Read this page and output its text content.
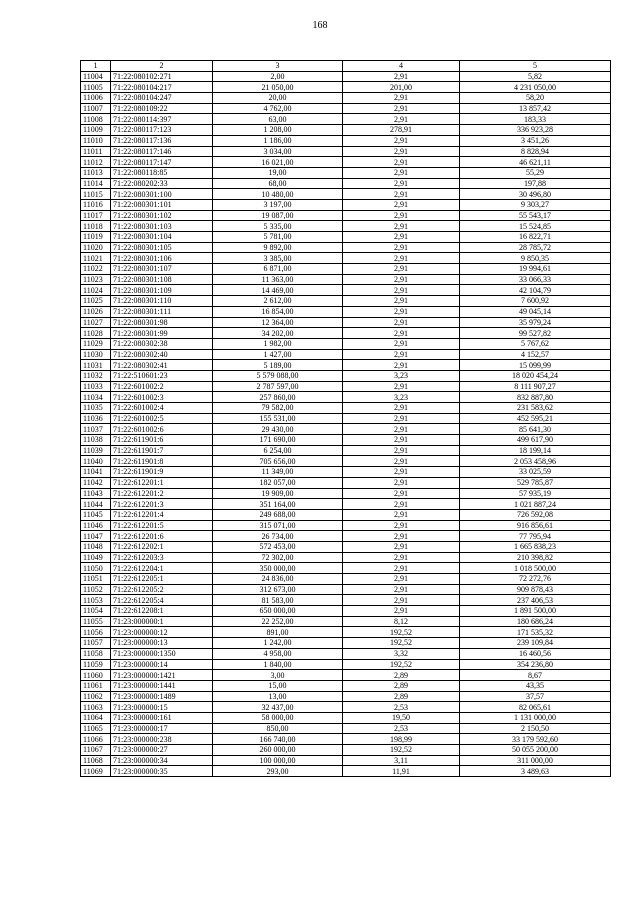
168
1	2	3	4	5
11004	71:22:080102:271	2,00	2,91	5,82
11005	71:22:080104:217	21 050,00	201,00	4 231 050,00
11006	71:22:080104:247	20,00	2,91	58,20
11007	71:22:080109:22	4 762,00	2,91	13 857,42
11008	71:22:080114:397	63,00	2,91	183,33
11009	71:22:080117:123	1 208,00	278,91	336 923,28
11010	71:22:080117:136	1 186,00	2,91	3 451,26
11011	71:22:080117:146	3 034,00	2,91	8 828,94
11012	71:22:080117:147	16 021,00	2,91	46 621,11
11013	71:22:080118:85	19,00	2,91	55,29
11014	71:22:080202:33	68,00	2,91	197,88
11015	71:22:080301:100	10 480,00	2,91	30 496,80
11016	71:22:080301:101	3 197,00	2,91	9 303,27
11017	71:22:080301:102	19 087,00	2,91	55 543,17
11018	71:22:080301:103	5 335,00	2,91	15 524,85
11019	71:22:080301:104	5 781,00	2,91	16 822,71
11020	71:22:080301:105	9 892,00	2,91	28 785,72
11021	71:22:080301:106	3 385,00	2,91	9 850,35
11022	71:22:080301:107	6 871,00	2,91	19 994,61
11023	71:22:080301:108	11 363,00	2,91	33 066,33
11024	71:22:080301:109	14 469,00	2,91	42 104,79
11025	71:22:080301:110	2 612,00	2,91	7 600,92
11026	71:22:080301:111	16 854,00	2,91	49 045,14
11027	71:22:080301:98	12 364,00	2,91	35 979,24
11028	71:22:080301:99	34 202,00	2,91	99 527,82
11029	71:22:080302:38	1 982,00	2,91	5 767,62
11030	71:22:080302:40	1 427,00	2,91	4 152,57
11031	71:22:080302:41	5 189,00	2,91	15 099,99
11032	71:22:510601:23	5 579 088,00	3,23	18 020 454,24
11033	71:22:601002:2	2 787 597,00	2,91	8 111 907,27
11034	71:22:601002:3	257 860,00	3,23	832 887,80
11035	71:22:601002:4	79 582,00	2,91	231 583,62
11036	71:22:601002:5	155 531,00	2,91	452 595,21
11037	71:22:601002:6	29 430,00	2,91	85 641,30
11038	71:22:611901:6	171 690,00	2,91	499 617,90
11039	71:22:611901:7	6 254,00	2,91	18 199,14
11040	71:22:611901:8	705 656,00	2,91	2 053 458,96
11041	71:22:611901:9	11 349,00	2,91	33 025,59
11042	71:22:612201:1	182 057,00	2,91	529 785,87
11043	71:22:612201:2	19 909,00	2,91	57 935,19
11044	71:22:612201:3	351 164,00	2,91	1 021 887,24
11045	71:22:612201:4	249 688,00	2,91	726 592,08
11046	71:22:612201:5	315 071,00	2,91	916 856,61
11047	71:22:612201:6	26 734,00	2,91	77 795,94
11048	71:22:612202:1	572 453,00	2,91	1 665 838,23
11049	71:22:612203:3	72 302,00	2,91	210 398,82
11050	71:22:612204:1	350 000,00	2,91	1 018 500,00
11051	71:22:612205:1	24 836,00	2,91	72 272,76
11052	71:22:612205:2	312 673,00	2,91	909 878,43
11053	71:22:612205:4	81 583,00	2,91	237 406,53
11054	71:22:612208:1	650 000,00	2,91	1 891 500,00
11055	71:23:000000:1	22 252,00	8,12	180 686,24
11056	71:23:000000:12	891,00	192,52	171 535,32
11057	71:23:000000:13	1 242,00	192,52	239 109,84
11058	71:23:000000:1350	4 958,00	3,32	16 460,56
11059	71:23:000000:14	1 840,00	192,52	354 236,80
11060	71:23:000000:1421	3,00	2,89	8,67
11061	71:23:000000:1441	15,00	2,89	43,35
11062	71:23:000000:1489	13,00	2,89	37,57
11063	71:23:000000:15	32 437,00	2,53	82 065,61
11064	71:23:000000:161	58 000,00	19,50	1 131 000,00
11065	71:23:000000:17	850,00	2,53	2 150,50
11066	71:23:000000:238	166 740,00	198,99	33 179 592,60
11067	71:23:000000:27	260 000,00	192,52	50 055 200,00
11068	71:23:000000:34	100 000,00	3,11	311 000,00
11069	71:23:000000:35	293,00	11,91	3 489,63
